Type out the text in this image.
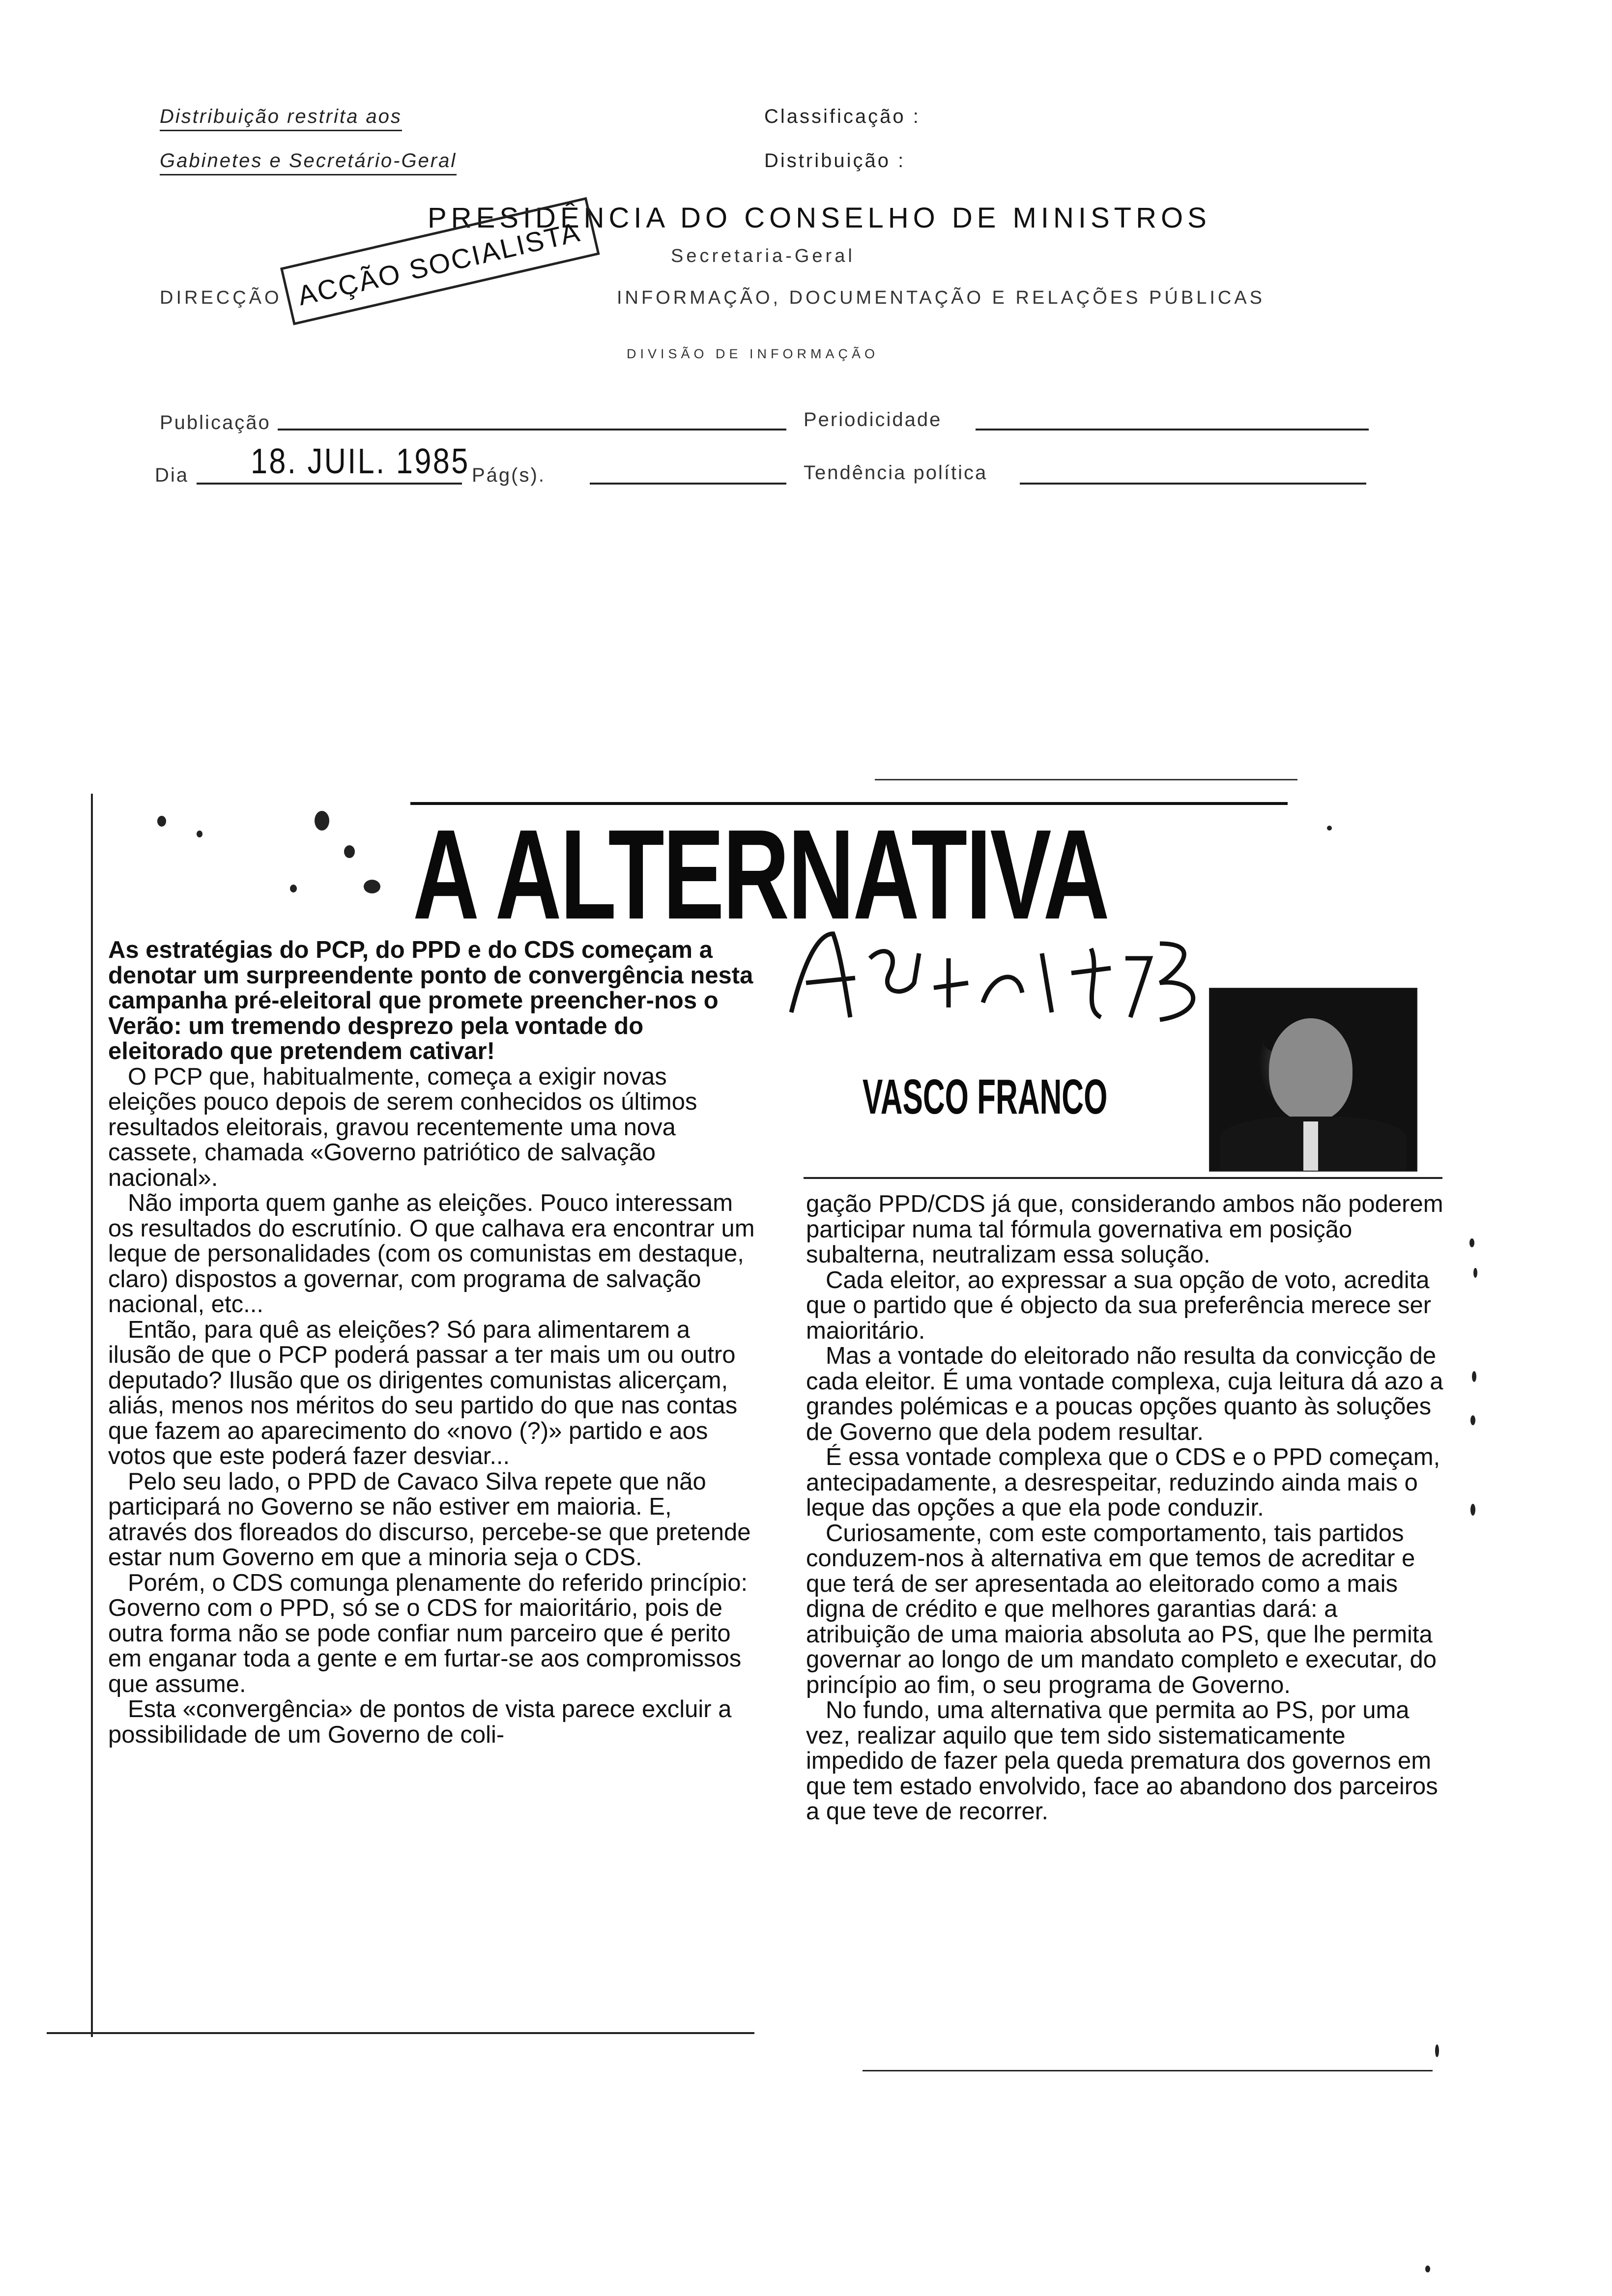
Distribuição restrita aos
Gabinetes e Secretário-Geral
Classificação :
Distribuição :
PRESIDÊNCIA DO CONSELHO DE MINISTROS
Secretaria-Geral
DIRECÇÃO	INFORMAÇÃO, DOCUMENTAÇÃO E RELAÇÕES PÚBLICAS
ACÇÃO SOCIALISTA
DIVISÃO DE INFORMAÇÃO
Publicação	Periodicidade
Dia 18. JUIL. 1985 Pág(s).	Tendência política
A ALTERNATIVA
VASCO FRANCO

As estratégias do PCP, do PPD e do CDS começam a denotar um surpreendente ponto de convergência nesta campanha pré-eleitoral que promete preencher-nos o Verão: um tremendo desprezo pela vontade do eleitorado que pretendem cativar!

O PCP que, habitualmente, começa a exigir novas eleições pouco depois de serem conhecidos os últimos resultados eleitorais, gravou recentemente uma nova cassete, chamada «Governo patriótico de salvação nacional».

Não importa quem ganhe as eleições. Pouco interessam os resultados do escrutínio. O que calhava era encontrar um leque de personalidades (com os comunistas em destaque, claro) dispostos a governar, com programa de salvação nacional, etc...

Então, para quê as eleições? Só para alimentarem a ilusão de que o PCP poderá passar a ter mais um ou outro deputado? Ilusão que os dirigentes comunistas alicerçam, aliás, menos nos méritos do seu partido do que nas contas que fazem ao aparecimento do «novo (?)» partido e aos votos que este poderá fazer desviar...

Pelo seu lado, o PPD de Cavaco Silva repete que não participará no Governo se não estiver em maioria. E, através dos floreados do discurso, percebe-se que pretende estar num Governo em que a minoria seja o CDS.

Porém, o CDS comunga plenamente do referido princípio: Governo com o PPD, só se o CDS for maioritário, pois de outra forma não se pode confiar num parceiro que é perito em enganar toda a gente e em furtar-se aos compromissos que assume.

Esta «convergência» de pontos de vista parece excluir a possibilidade de um Governo de coli-

gação PPD/CDS já que, considerando ambos não poderem participar numa tal fórmula governativa em posição subalterna, neutralizam essa solução.

Cada eleitor, ao expressar a sua opção de voto, acredita que o partido que é objecto da sua preferência merece ser maioritário.

Mas a vontade do eleitorado não resulta da convicção de cada eleitor. É uma vontade complexa, cuja leitura dá azo a grandes polémicas e a poucas opções quanto às soluções de Governo que dela podem resultar.

É essa vontade complexa que o CDS e o PPD começam, antecipadamente, a desrespeitar, reduzindo ainda mais o leque das opções a que ela pode conduzir.

Curiosamente, com este comportamento, tais partidos conduzem-nos à alternativa em que temos de acreditar e que terá de ser apresentada ao eleitorado como a mais digna de crédito e que melhores garantias dará: a atribuição de uma maioria absoluta ao PS, que lhe permita governar ao longo de um mandato completo e executar, do princípio ao fim, o seu programa de Governo.

No fundo, uma alternativa que permita ao PS, por uma vez, realizar aquilo que tem sido sistematicamente impedido de fazer pela queda prematura dos governos em que tem estado envolvido, face ao abandono dos parceiros a que teve de recorrer.
